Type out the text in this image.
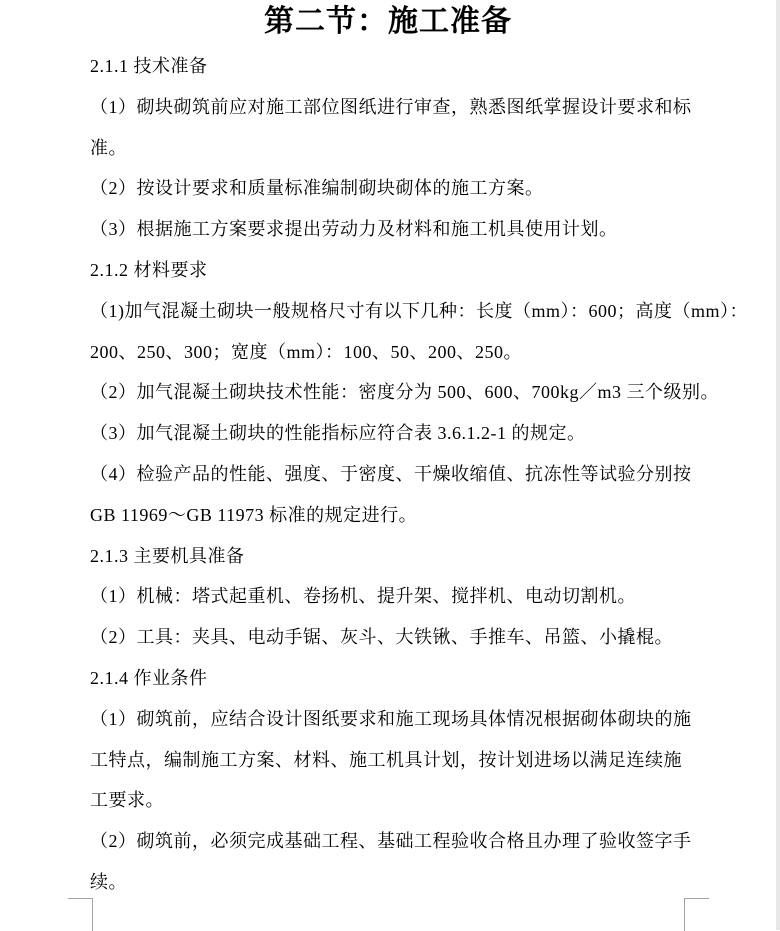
第二节：施工准备
2.1.1 技术准备
（1）砌块砌筑前应对施工部位图纸进行审查，熟悉图纸掌握设计要求和标
准。
（2）按设计要求和质量标准编制砌块砌体的施工方案。
（3）根据施工方案要求提出劳动力及材料和施工机具使用计划。
2.1.2 材料要求
（1)加气混凝土砌块一般规格尺寸有以下几种：长度（mm）：600；高度（mm）：
200、250、300；宽度（mm）：100、50、200、250。
（2）加气混凝土砌块技术性能：密度分为 500、600、700kg／m3 三个级别。
（3）加气混凝土砌块的性能指标应符合表 3.6.1.2-1 的规定。
（4）检验产品的性能、强度、于密度、干燥收缩值、抗冻性等试验分别按
GB 11969～GB 11973 标准的规定进行。
2.1.3 主要机具准备
（1）机械：塔式起重机、卷扬机、提升架、搅拌机、电动切割机。
（2）工具：夹具、电动手锯、灰斗、大铁锹、手推车、吊篮、小撬棍。
2.1.4 作业条件
（1）砌筑前，应结合设计图纸要求和施工现场具体情况根据砌体砌块的施
工特点，编制施工方案、材料、施工机具计划，按计划进场以满足连续施
工要求。
（2）砌筑前，必须完成基础工程、基础工程验收合格且办理了验收签字手
续。
